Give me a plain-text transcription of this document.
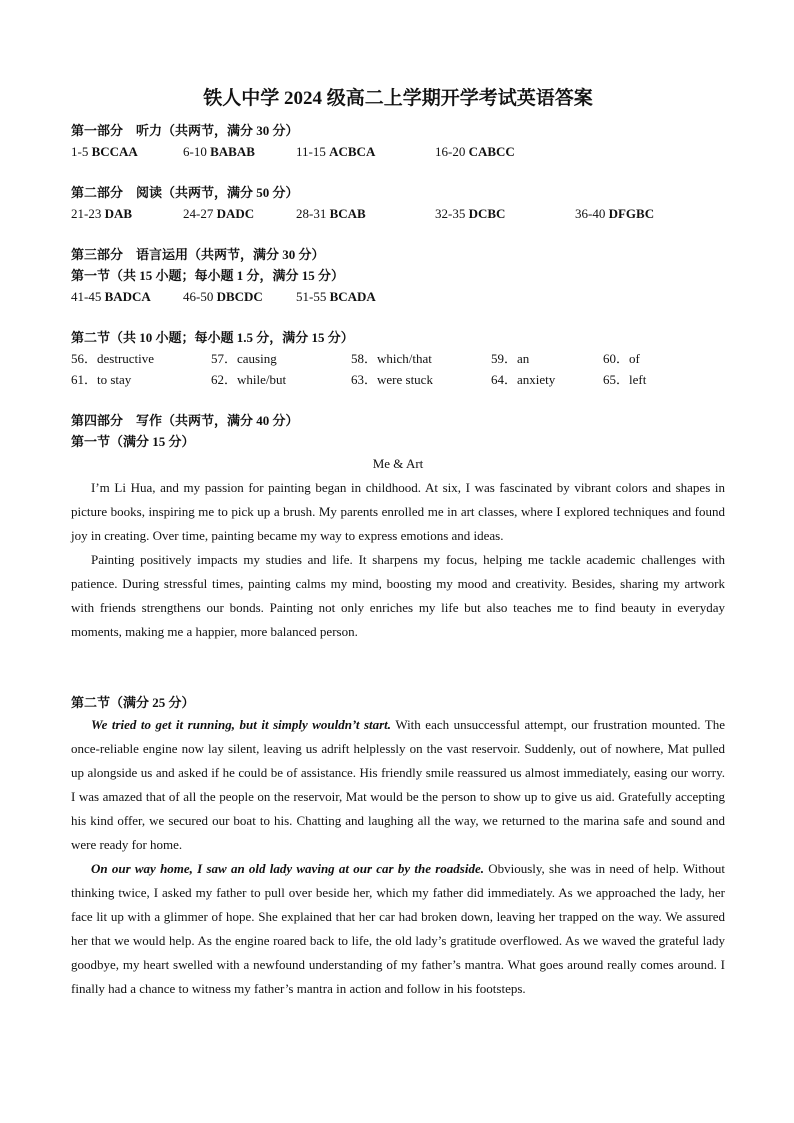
铁人中学 2024 级高二上学期开学考试英语答案

第一部分　听力（共两节，满分 30 分）

1-5 BCCAA	6-10 BABAB	11-15 ACBCA	16-20 CABCC

第二部分　阅读（共两节，满分 50 分）

21-23 DAB	24-27 DADC	28-31 BCAB	32-35 DCBC	36-40 DFGBC

第三部分　语言运用（共两节，满分 30 分）

第一节（共 15 小题；每小题 1 分，满分 15 分）

41-45 BADCA 46-50 DBCDC	51-55 BCADA

第二节（共 10 小题；每小题 1.5 分，满分 15 分）

56．destructive	57．causing	58．which/that	59．an	60．of
61．to stay	62．while/but	63．were stuck	64．anxiety	65．left

第四部分　写作（共两节，满分 40 分）

第一节（满分 15 分）

Me & Art

I’m Li Hua, and my passion for painting began in childhood. At six, I was fascinated by vibrant colors and shapes in picture books, inspiring me to pick up a brush. My parents enrolled me in art classes, where I explored techniques and found joy in creating. Over time, painting became my way to express emotions and ideas.

Painting positively impacts my studies and life. It sharpens my focus, helping me tackle academic challenges with patience. During stressful times, painting calms my mind, boosting my mood and creativity. Besides, sharing my artwork with friends strengthens our bonds. Painting not only enriches my life but also teaches me to find beauty in everyday moments, making me a happier, more balanced person.

第二节（满分 25 分）

We tried to get it running, but it simply wouldn’t start. With each unsuccessful attempt, our frustration mounted. The once-reliable engine now lay silent, leaving us adrift helplessly on the vast reservoir. Suddenly, out of nowhere, Mat pulled up alongside us and asked if he could be of assistance. His friendly smile reassured us almost immediately, easing our worry. I was amazed that of all the people on the reservoir, Mat would be the person to show up to give us aid. Gratefully accepting his kind offer, we secured our boat to his. Chatting and laughing all the way, we returned to the marina safe and sound and were ready for home.

On our way home, I saw an old lady waving at our car by the roadside. Obviously, she was in need of help. Without thinking twice, I asked my father to pull over beside her, which my father did immediately. As we approached the lady, her face lit up with a glimmer of hope. She explained that her car had broken down, leaving her trapped on the way. We assured her that we would help. As the engine roared back to life, the old lady’s gratitude overflowed. As we waved the grateful lady goodbye, my heart swelled with a newfound understanding of my father’s mantra. What goes around really comes around. I finally had a chance to witness my father’s mantra in action and follow in his footsteps.
